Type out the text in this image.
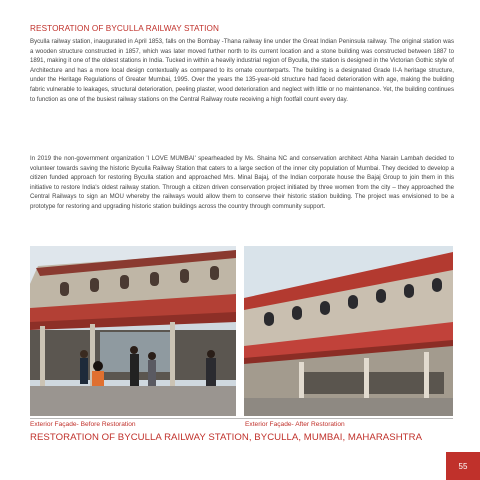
RESTORATION OF BYCULLA RAILWAY STATION

Byculla railway station, inaugurated in April 1853, falls on the Bombay -Thana railway line under the Great Indian Peninsula railway. The original station was a wooden structure constructed in 1857, which was later moved further north to its current location and a stone building was constructed between 1887 to 1891, making it one of the oldest stations in India. Tucked in within a heavily industrial region of Byculla, the station is designed in the Victorian Gothic style of Architecture and has a more local design contextually as compared to its ornate counterparts. The building is a designated Grade II-A heritage structure, under the Heritage Regulations of Greater Mumbai, 1995. Over the years the 135-year-old structure had faced deterioration with age, making the building fabric vulnerable to leakages, structural deterioration, peeling plaster, wood deterioration and neglect with little or no maintenance. Yet, the building continues to function as one of the busiest railway stations on the Central Railway route receiving a high footfall count every day.

In 2019 the non-government organization 'I LOVE MUMBAI' spearheaded by Ms. Shaina NC and conservation architect Abha Narain Lambah decided to volunteer towards saving the historic Byculla Railway Station that caters to a large section of the inner city population of Mumbai. They decided to develop a citizen funded approach for restoring Byculla station and approached Mrs. Minal Bajaj, of the Indian corporate house the Bajaj Group to join them in this initiative to restore India's oldest railway station. Through a citizen driven conservation project initiated by three women from the city – they approached the Central Railways to sign an MOU whereby the railways would allow them to conserve their historic station building. The project was envisioned to be a prototype for restoring and upgrading historic station buildings across the country through community support.

Exterior Façade- Before Restoration	Exterior Façade- After Restoration
RESTORATION OF BYCULLA RAILWAY STATION, BYCULLA, MUMBAI, MAHARASHTRA
55
